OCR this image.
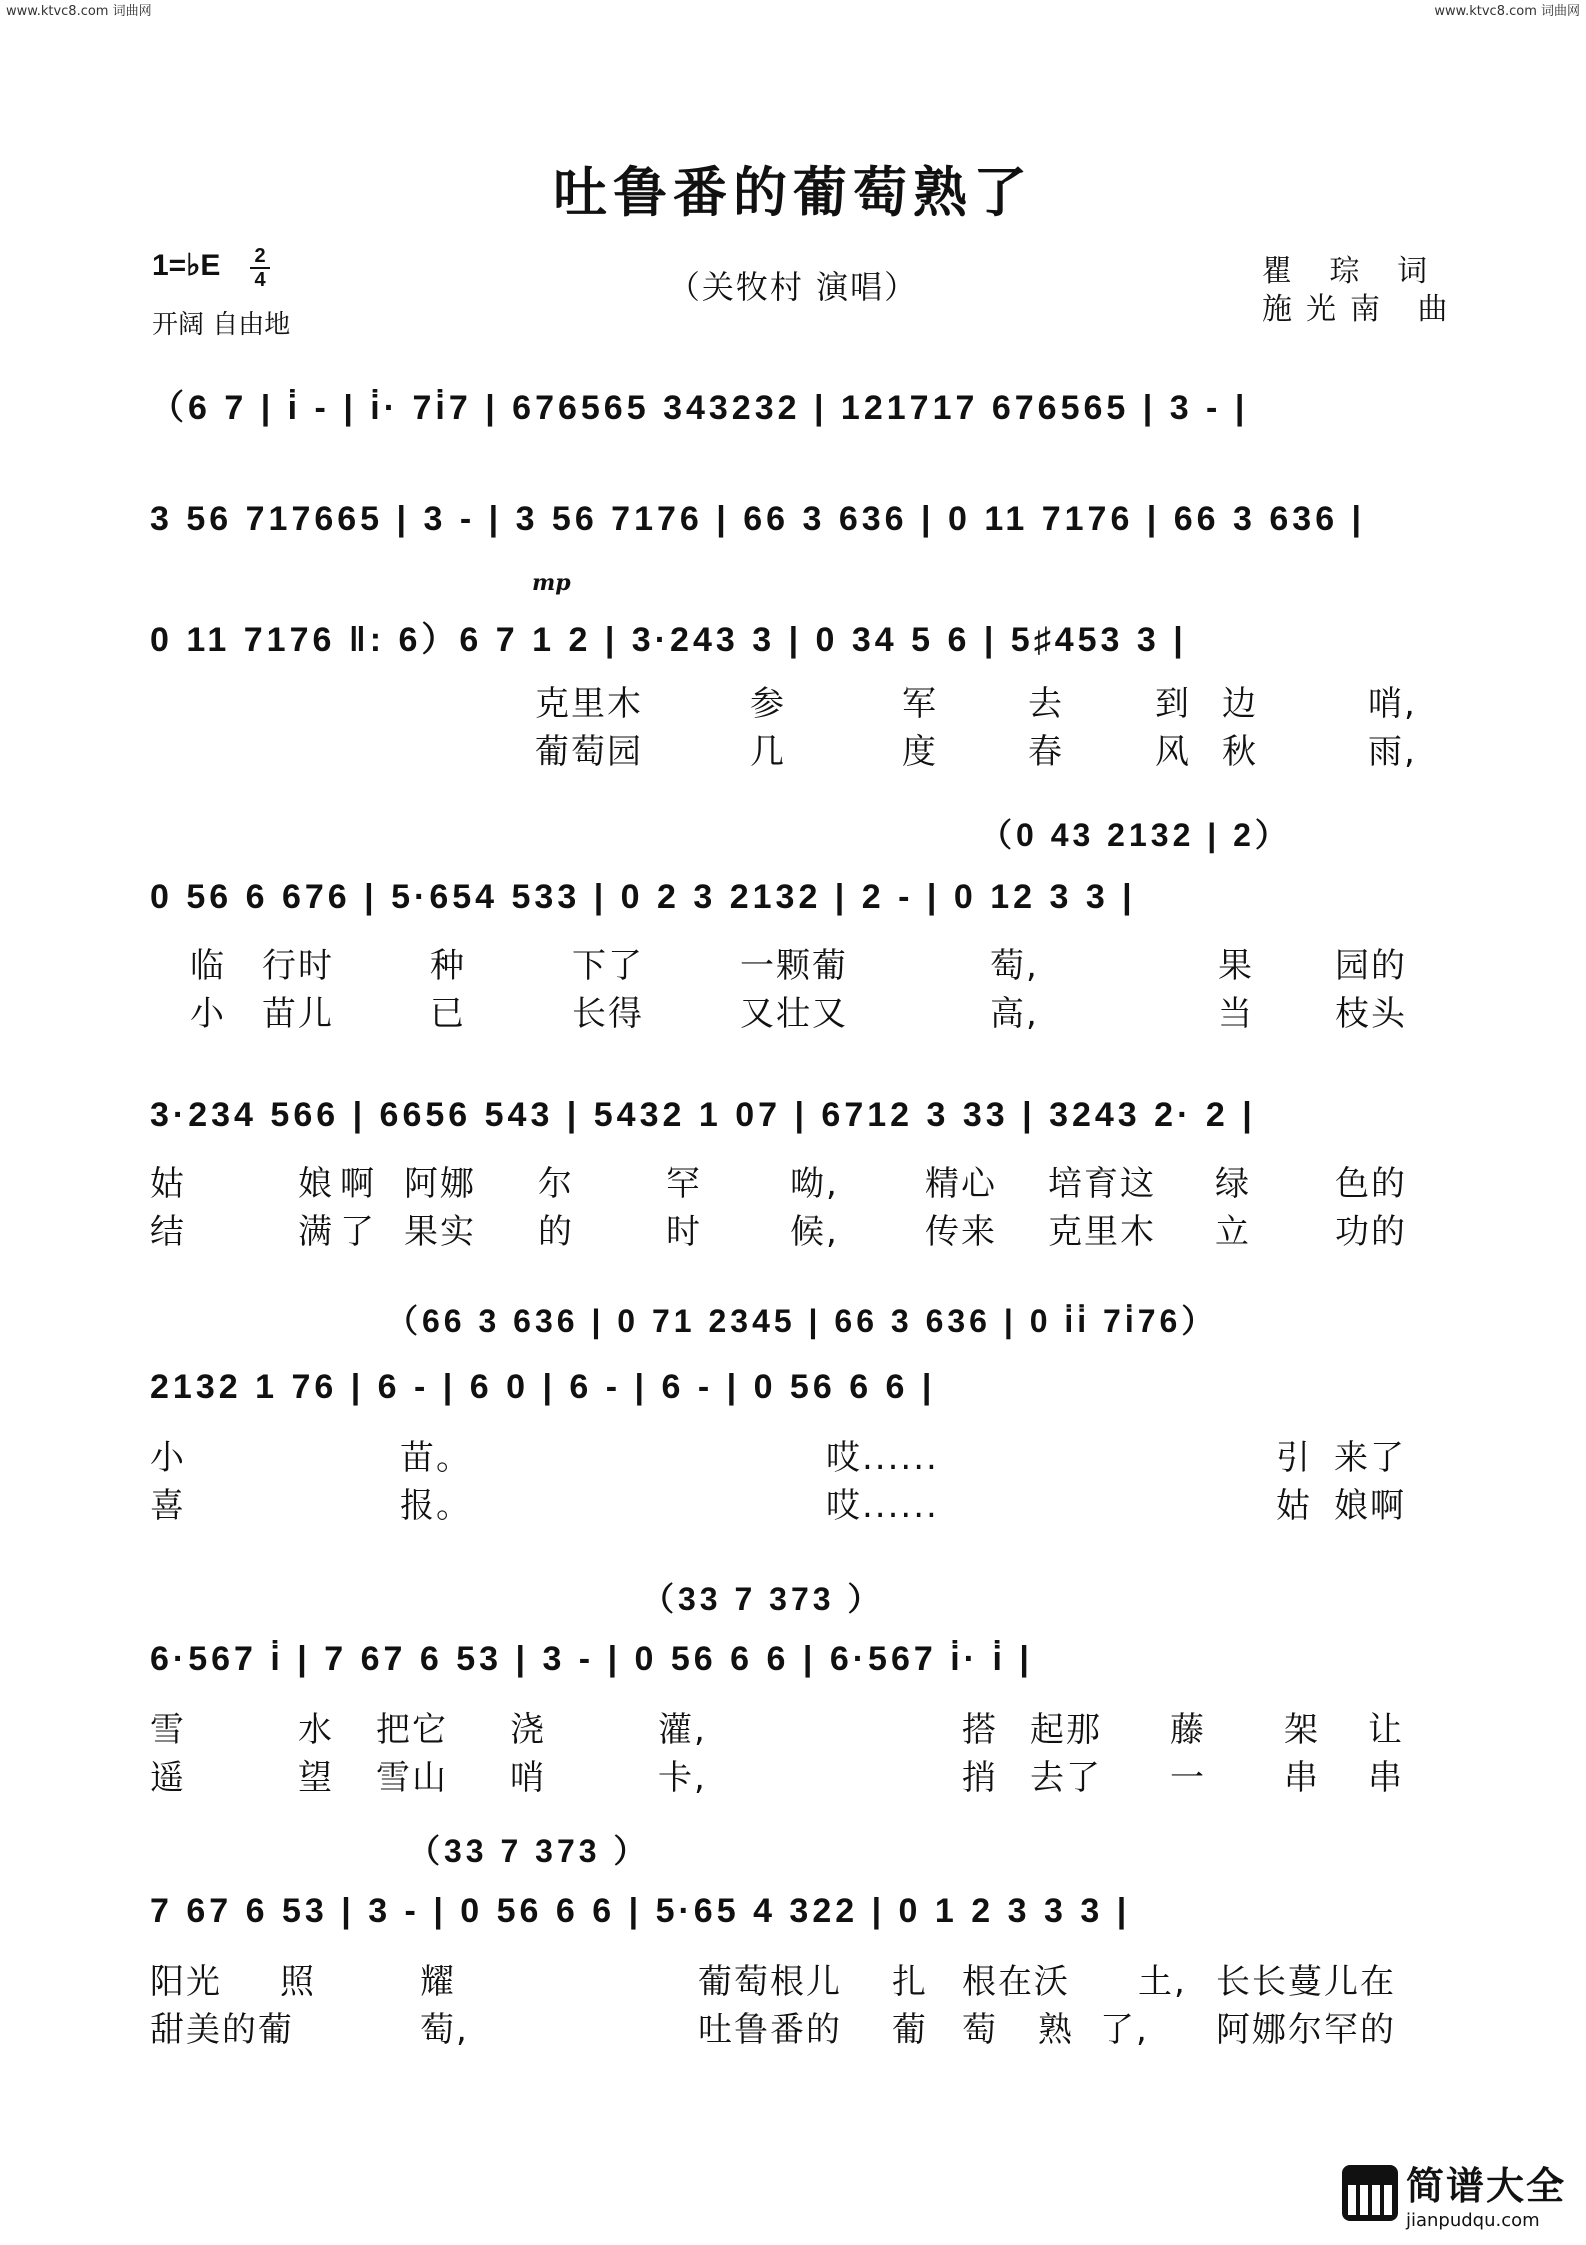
www.ktvc8.com 词曲网	www.ktvc8.com 词曲网
吐鲁番的葡萄熟了
1=♭E 2
4
开阔 自由地
（关牧村 演唱）	瞿 琮 词
施光南 曲
（6 7 | i̇ - | i̇· 7i̇7 | 676565 343232 | 121717 676565 | 3 - |
3 56 717665 | 3 - | 3 56 7176 | 66 3 636 | 0 11 7176 | 66 3 636 |
mp
0 11 7176 ‖: 6）6 7 1 2 | 3·243 3 | 0 34 5 6 | 5♯453 3 |
克里木	参	军	去	到 边	哨,
葡萄园	几	度	春	风 秋	雨,
（0 43 2132 | 2）
0 56 6 676 | 5·654 533 | 0 2 3 2132 | 2 - | 0 12 3 3 |
临 行时	种	下了	一颗葡	萄,	果 园的
小 苗儿	已	长得	又壮又	高,	当 枝头
3·234 566 | 6656 543 | 5432 1 07 | 6712 3 33 | 3243 2· 2 |
姑	娘 啊 阿娜 尔	罕	呦,	精心 培育这 绿 色的
结	满 了 果实 的	时	候,	传来 克里木 立 功的
（66 3 636 | 0 71 2345 | 66 3 636 | 0 i̇i̇ 7i̇76）
2132 1 76 | 6 - | 6 0 | 6 - | 6 - | 0 56 6 6 |
小	苗。	哎......	引 来了
喜	报。	哎......	姑 娘啊
（33 7 373 ）
6·567 i̇ | 7 67 6 53 | 3 - | 0 56 6 6 | 6·567 i̇· i̇ |
雪	水 把它 浇	灌,	搭 起那 藤 架 让
遥	望 雪山 哨	卡,	捎 去了 一 串 串
（33 7 373 ）
7 67 6 53 | 3 - | 0 56 6 6 | 5·65 4 322 | 0 1 2 3 3 3 |
阳光 照	耀	葡萄根儿 扎 根在沃 土, 长长蔓儿在
甜美的葡	萄,	吐鲁番的 葡 萄 熟 了, 阿娜尔罕的
简谱大全
jianpudqu.com
